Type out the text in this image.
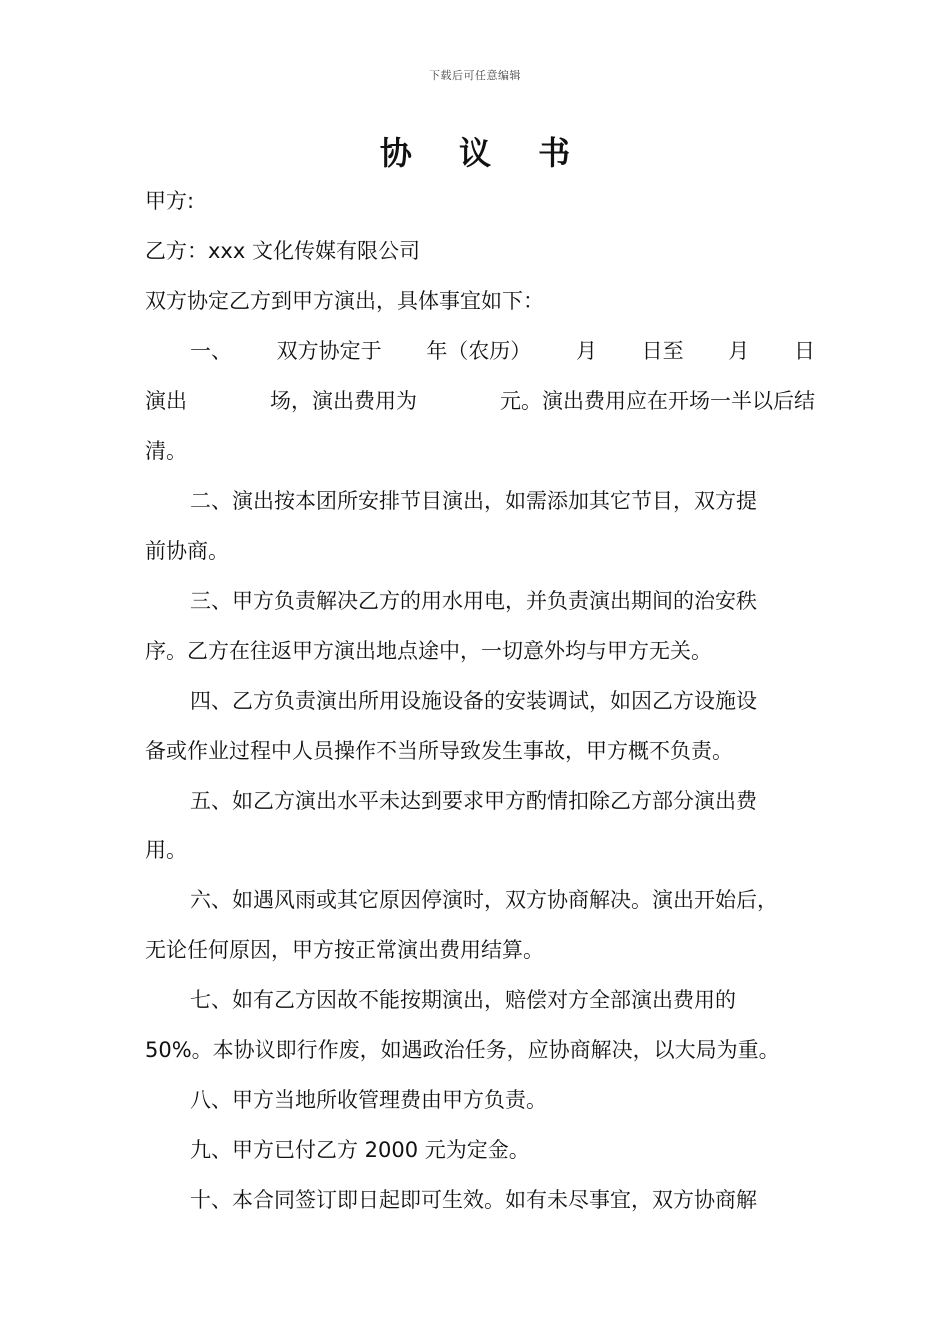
下载后可任意编辑
协 议 书
甲方:
乙方：xxx 文化传媒有限公司
双方协定乙方到甲方演出，具体事宜如下：
一、 双方协定于 年（农历） 月 日至 月 日
演出	场，演出费用为	元。演出费用应在开场一半以后结
清。
二、演出按本团所安排节目演出，如需添加其它节目，双方提
前协商。
三、甲方负责解决乙方的用水用电，并负责演出期间的治安秩
序。乙方在往返甲方演出地点途中，一切意外均与甲方无关。
四、乙方负责演出所用设施设备的安装调试，如因乙方设施设
备或作业过程中人员操作不当所导致发生事故，甲方概不负责。
五、如乙方演出水平未达到要求甲方酌情扣除乙方部分演出费
用。
六、如遇风雨或其它原因停演时，双方协商解决。演出开始后，
无论任何原因，甲方按正常演出费用结算。
七、如有乙方因故不能按期演出，赔偿对方全部演出费用的
50%。本协议即行作废，如遇政治任务，应协商解决，以大局为重。
八、甲方当地所收管理费由甲方负责。
九、甲方已付乙方 2000 元为定金。
十、本合同签订即日起即可生效。如有未尽事宜，双方协商解
